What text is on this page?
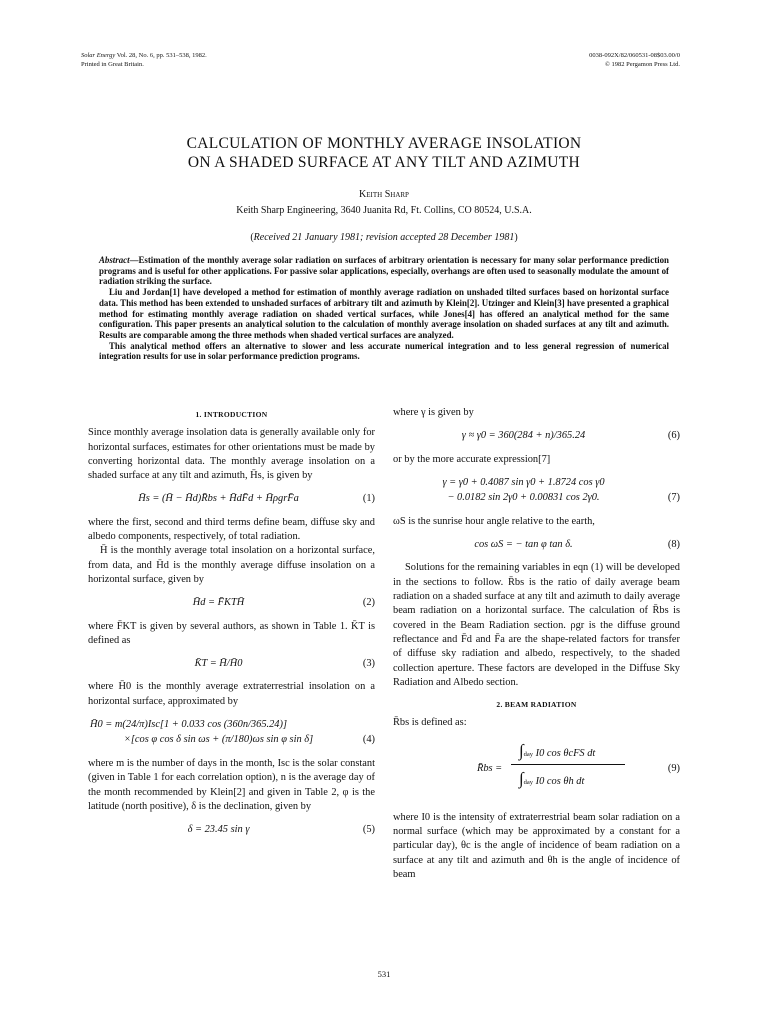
Solar Energy Vol. 28, No. 6, pp. 531–538, 1982.
Printed in Great Britain.
0038-092X/82/060531-08$03.00/0
© 1982 Pergamon Press Ltd.
CALCULATION OF MONTHLY AVERAGE INSOLATION
ON A SHADED SURFACE AT ANY TILT AND AZIMUTH
Keith Sharp
Keith Sharp Engineering, 3640 Juanita Rd, Ft. Collins, CO 80524, U.S.A.
(Received 21 January 1981; revision accepted 28 December 1981)

Abstract—Estimation of the monthly average solar radiation on surfaces of arbitrary orientation is necessary for many solar performance prediction programs and is useful for other applications. For passive solar applications, especially, overhangs are often used to seasonally modulate the amount of radiation striking the surface.

Liu and Jordan[1] have developed a method for estimation of monthly average radiation on unshaded tilted surfaces based on horizontal surface data. This method has been extended to unshaded surfaces of arbitrary tilt and azimuth by Klein[2]. Utzinger and Klein[3] have presented a graphical method for estimating monthly average radiation on shaded vertical surfaces, while Jones[4] has offered an analytical method for the same configuration. This paper presents an analytical solution to the calculation of monthly average insolation on shaded surfaces at any tilt and azimuth. Results are comparable among the three methods when shaded vertical surfaces are analyzed.

This analytical method offers an alternative to slower and less accurate numerical integration and to less general regression of numerical integration results for use in solar performance prediction programs.

1. INTRODUCTION

Since monthly average insolation data is generally available only for horizontal surfaces, estimates for other orientations must be made by converting horizontal data. The monthly average insolation on a shaded surface at any tilt and azimuth, H̄s, is given by

H̄s = (H̄ − H̄d)R̄bs + H̄dF̄d + H̄ρgrF̄a	(1)

where the first, second and third terms define beam, diffuse sky and albedo components, respectively, of total radiation.

H̄ is the monthly average total insolation on a horizontal surface, from data, and H̄d is the monthly average diffuse insolation on a horizontal surface, given by

H̄d = F̄KTH̄	(2)

where F̄KT is given by several authors, as shown in Table 1. K̄T is defined as

K̄T = H̄/H̄0	(3)

where H̄0 is the monthly average extraterrestrial insolation on a horizontal surface, approximated by

H̄0 = m(24/π)Isc[1 + 0.033 cos (360n/365.24)]
×[cos φ cos δ sin ωs + (π/180)ωs sin φ sin δ]	(4)

where m is the number of days in the month, Isc is the solar constant (given in Table 1 for each correlation option), n is the average day of the month recommended by Klein[2] and given in Table 2, φ is the latitude (north positive), δ is the declination, given by

δ = 23.45 sin γ	(5)

where γ is given by

γ ≈ γ0 = 360(284 + n)/365.24	(6)

or by the more accurate expression[7]

γ = γ0 + 0.4087 sin γ0 + 1.8724 cos γ0
− 0.0182 sin 2γ0 + 0.00831 cos 2γ0.	(7)

ωS is the sunrise hour angle relative to the earth,

cos ωS = − tan φ tan δ.	(8)

Solutions for the remaining variables in eqn (1) will be developed in the sections to follow. R̄bs is the ratio of daily average beam radiation on a shaded surface at any tilt and azimuth to daily average beam radiation on a horizontal surface. The calculation of R̄bs is covered in the Beam Radiation section. ρgr is the diffuse ground reflectance and F̄d and F̄a are the shape-related factors for transfer of diffuse sky radiation and albedo, respectively, to the shaded collection aperture. These factors are developed in the Diffuse Sky Radiation and Albedo section.

2. BEAM RADIATION

R̄bs is defined as:

R̄bs =
∫day I0 cos θcFS dt
∫day I0 cos θh dt
(9)

where I0 is the intensity of extraterrestrial beam solar radiation on a normal surface (which may be approximated by a constant for a particular day), θc is the angle of incidence of beam radiation on a surface at any tilt and azimuth and θh is the angle of incidence of beam

531
